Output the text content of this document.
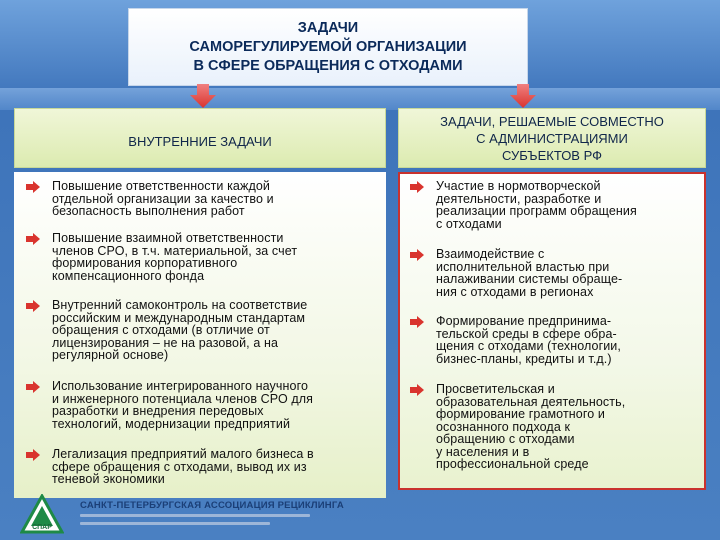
ЗАДАЧИ
САМОРЕГУЛИРУЕМОЙ ОРГАНИЗАЦИИ
В СФЕРЕ ОБРАЩЕНИЯ С ОТХОДАМИ
ВНУТРЕННИЕ ЗАДАЧИ
ЗАДАЧИ, РЕШАЕМЫЕ СОВМЕСТНО
С АДМИНИСТРАЦИЯМИ
СУБЪЕКТОВ РФ
Повышение ответственности каждой
отдельной организации за качество и
безопасность выполнения работ
Повышение взаимной ответственности
членов СРО, в т.ч. материальной, за счет
формирования корпоративного
компенсационного фонда
Внутренний самоконтроль на соответствие
российским и международным стандартам
обращения с отходами (в отличие от
лицензирования – не на разовой, а на
регулярной основе)
Использование интегрированного научного
и инженерного потенциала членов СРО для
разработки и внедрения передовых
технологий, модернизации предприятий
Легализация предприятий малого бизнеса в
сфере обращения с отходами, вывод их из
теневой экономики
Участие в нормотворческой
деятельности, разработке и
реализации программ обращения
с отходами
Взаимодействие с
исполнительной властью при
налаживании системы обраще-
ния с отходами в регионах
Формирование предпринима-
тельской среды в сфере обра-
щения с отходами (технологии,
бизнес-планы, кредиты и т.д.)
Просветительская и
образовательная деятельность,
формирование грамотного и
осознанного подхода к
обращению с отходами
у населения и в
профессиональной среде
СПАР
САНКТ-ПЕТЕРБУРГСКАЯ АССОЦИАЦИЯ РЕЦИКЛИНГА
